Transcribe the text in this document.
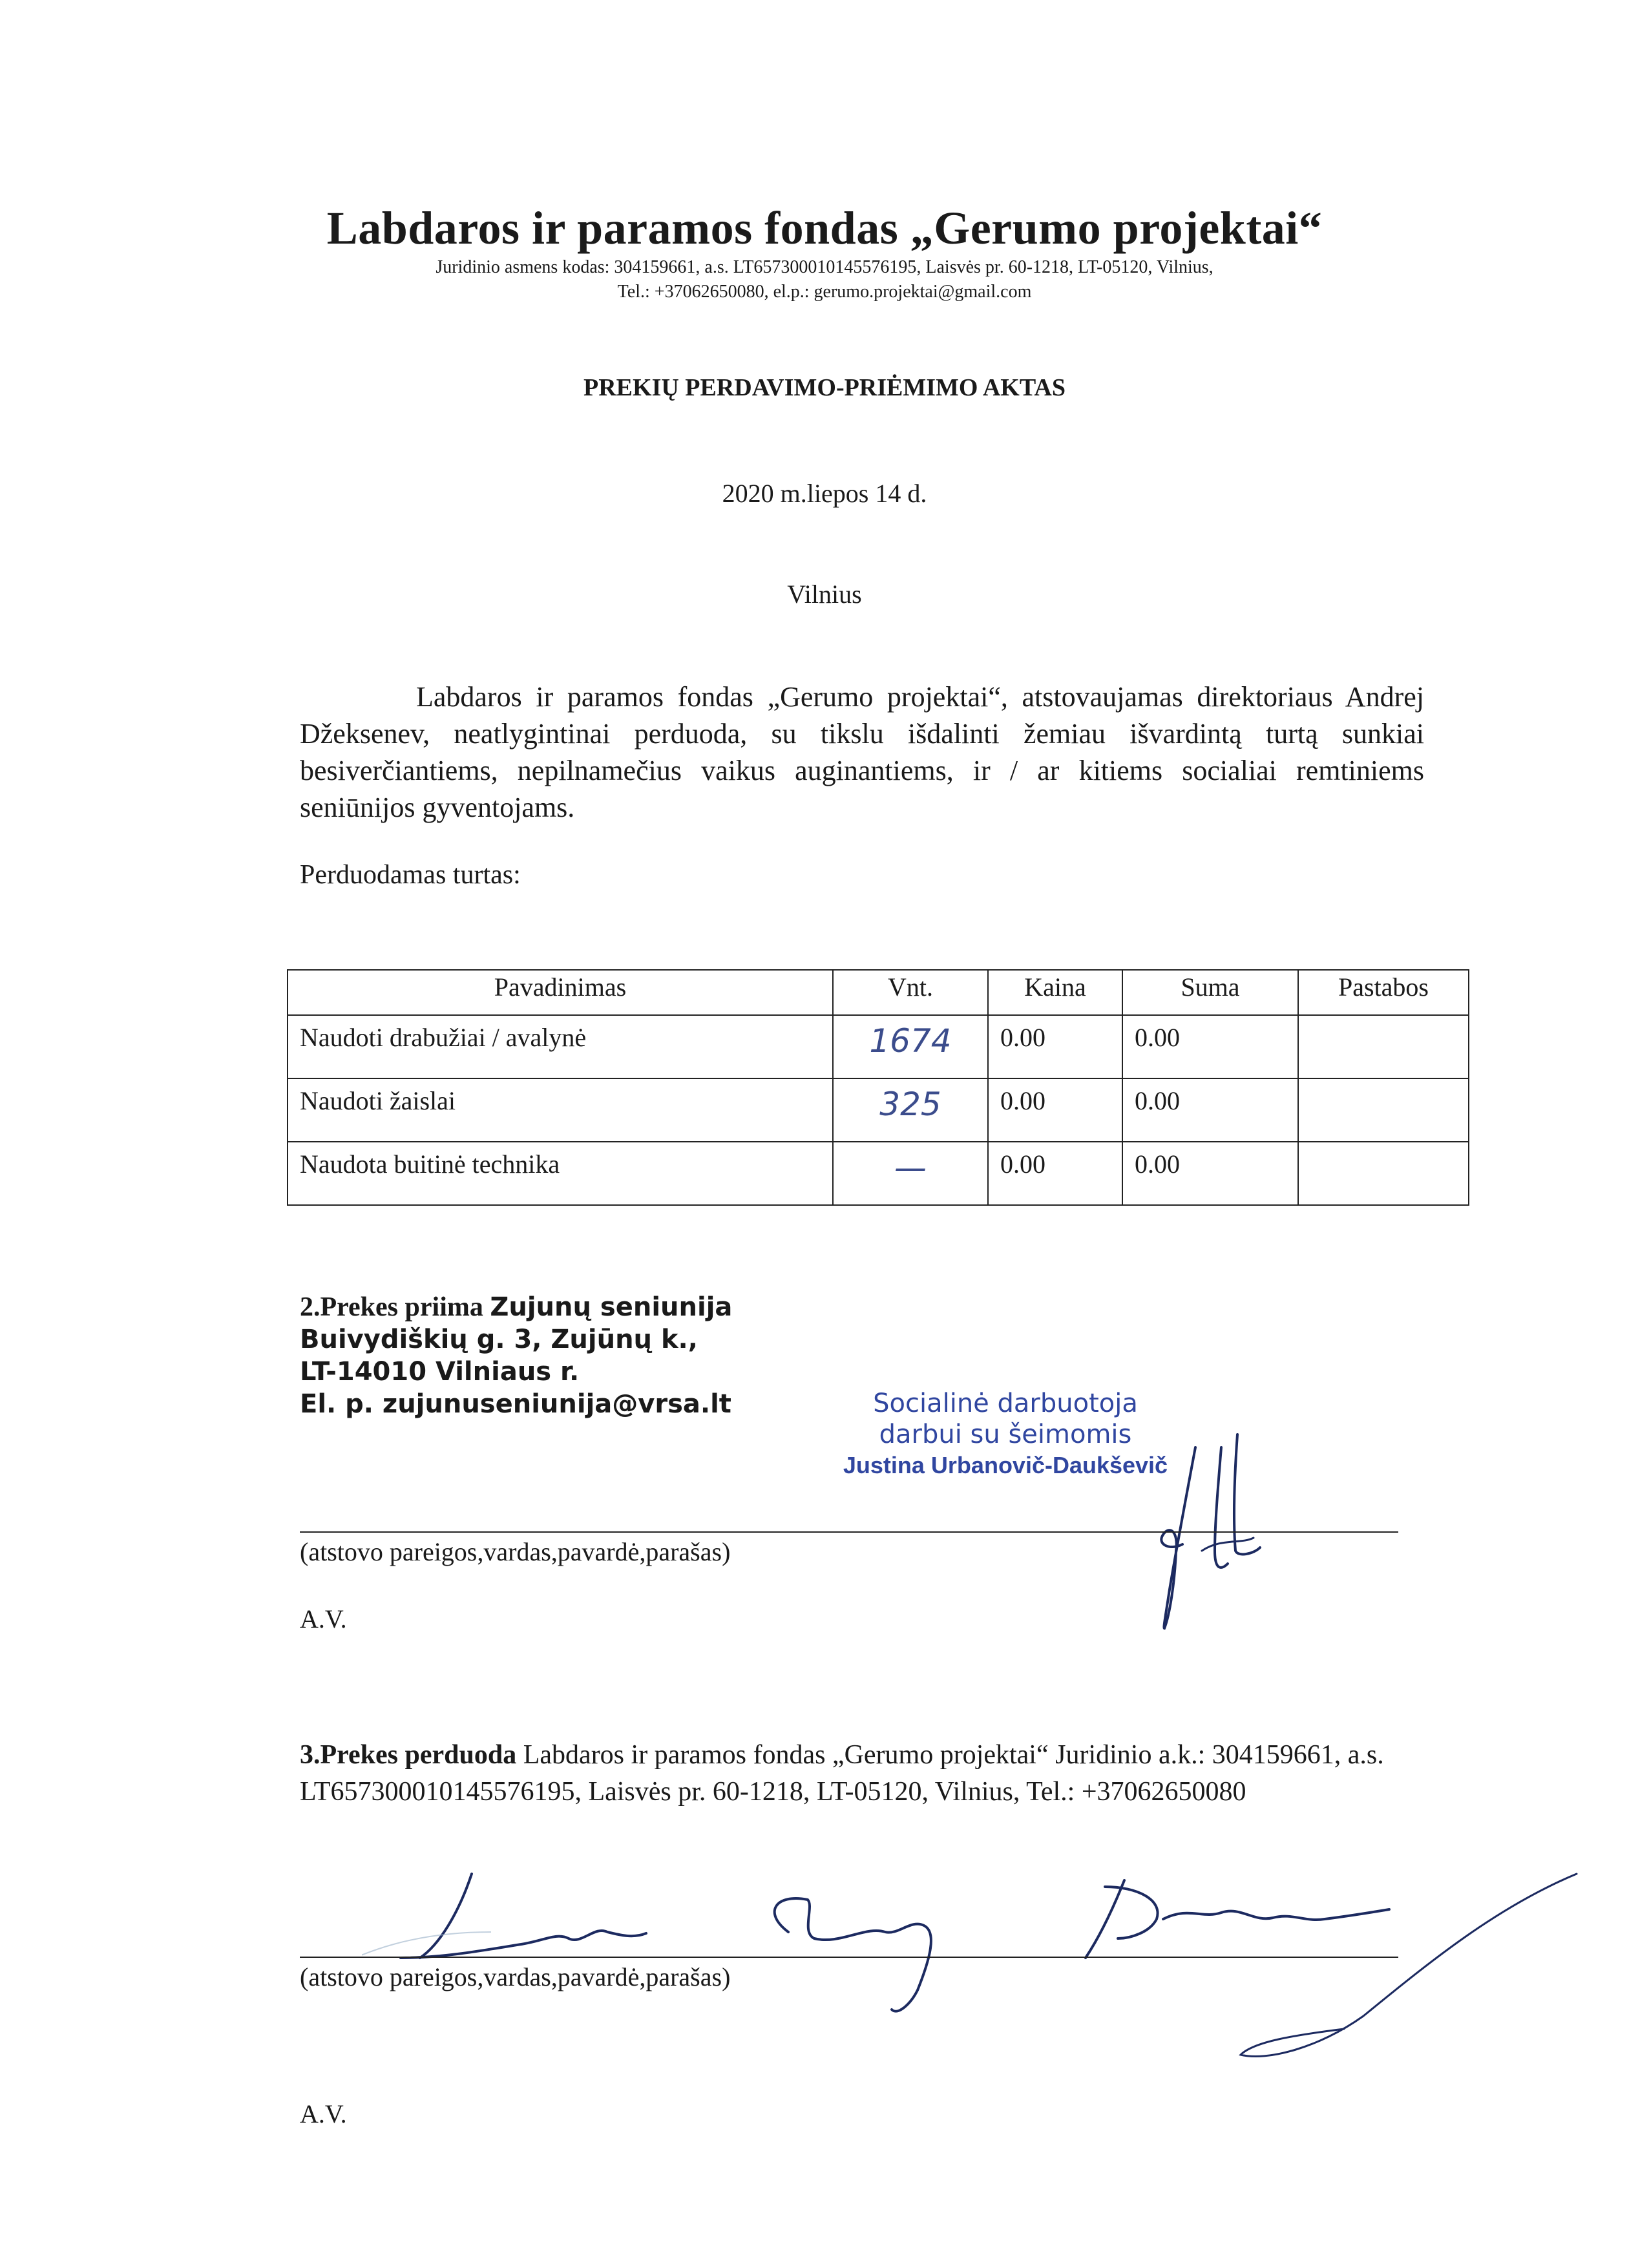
Labdaros ir paramos fondas „Gerumo projektai“
Juridinio asmens kodas: 304159661, a.s. LT657300010145576195, Laisvės pr. 60-1218, LT-05120, Vilnius,
Tel.: +37062650080, el.p.: gerumo.projektai@gmail.com
PREKIŲ PERDAVIMO-PRIĖMIMO AKTAS
2020 m.liepos 14 d.
Vilnius
Labdaros ir paramos fondas „Gerumo projektai“, atstovaujamas direktoriaus Andrej Džeksenev, neatlygintinai perduoda, su tikslu išdalinti žemiau išvardintą turtą sunkiai besiverčiantiems, nepilnamečius vaikus auginantiems, ir / ar kitiems socialiai remtiniems seniūnijos gyventojams.
Perduodamas turtas:
Pavadinimas	Vnt.	Kaina	Suma	Pastabos
Naudoti drabužiai / avalynė	1674	0.00	0.00	
Naudoti žaislai	325	0.00	0.00	
Naudota buitinė technika	—	0.00	0.00	
2.Prekes priima Zujunų seniunija
Buivydiškių g. 3, Zujūnų k.,
LT-14010 Vilniaus r.
El. p. zujunuseniunija@vrsa.lt	Socialinė darbuotoja
darbui su šeimomis
Justina Urbanovič-Daukševič
(atstovo pareigos,vardas,pavardė,parašas)
A.V.
3.Prekes perduoda Labdaros ir paramos fondas „Gerumo projektai“ Juridinio a.k.: 304159661, a.s. LT657300010145576195, Laisvės pr. 60-1218, LT-05120, Vilnius, Tel.: +37062650080
(atstovo pareigos,vardas,pavardė,parašas)
A.V.
